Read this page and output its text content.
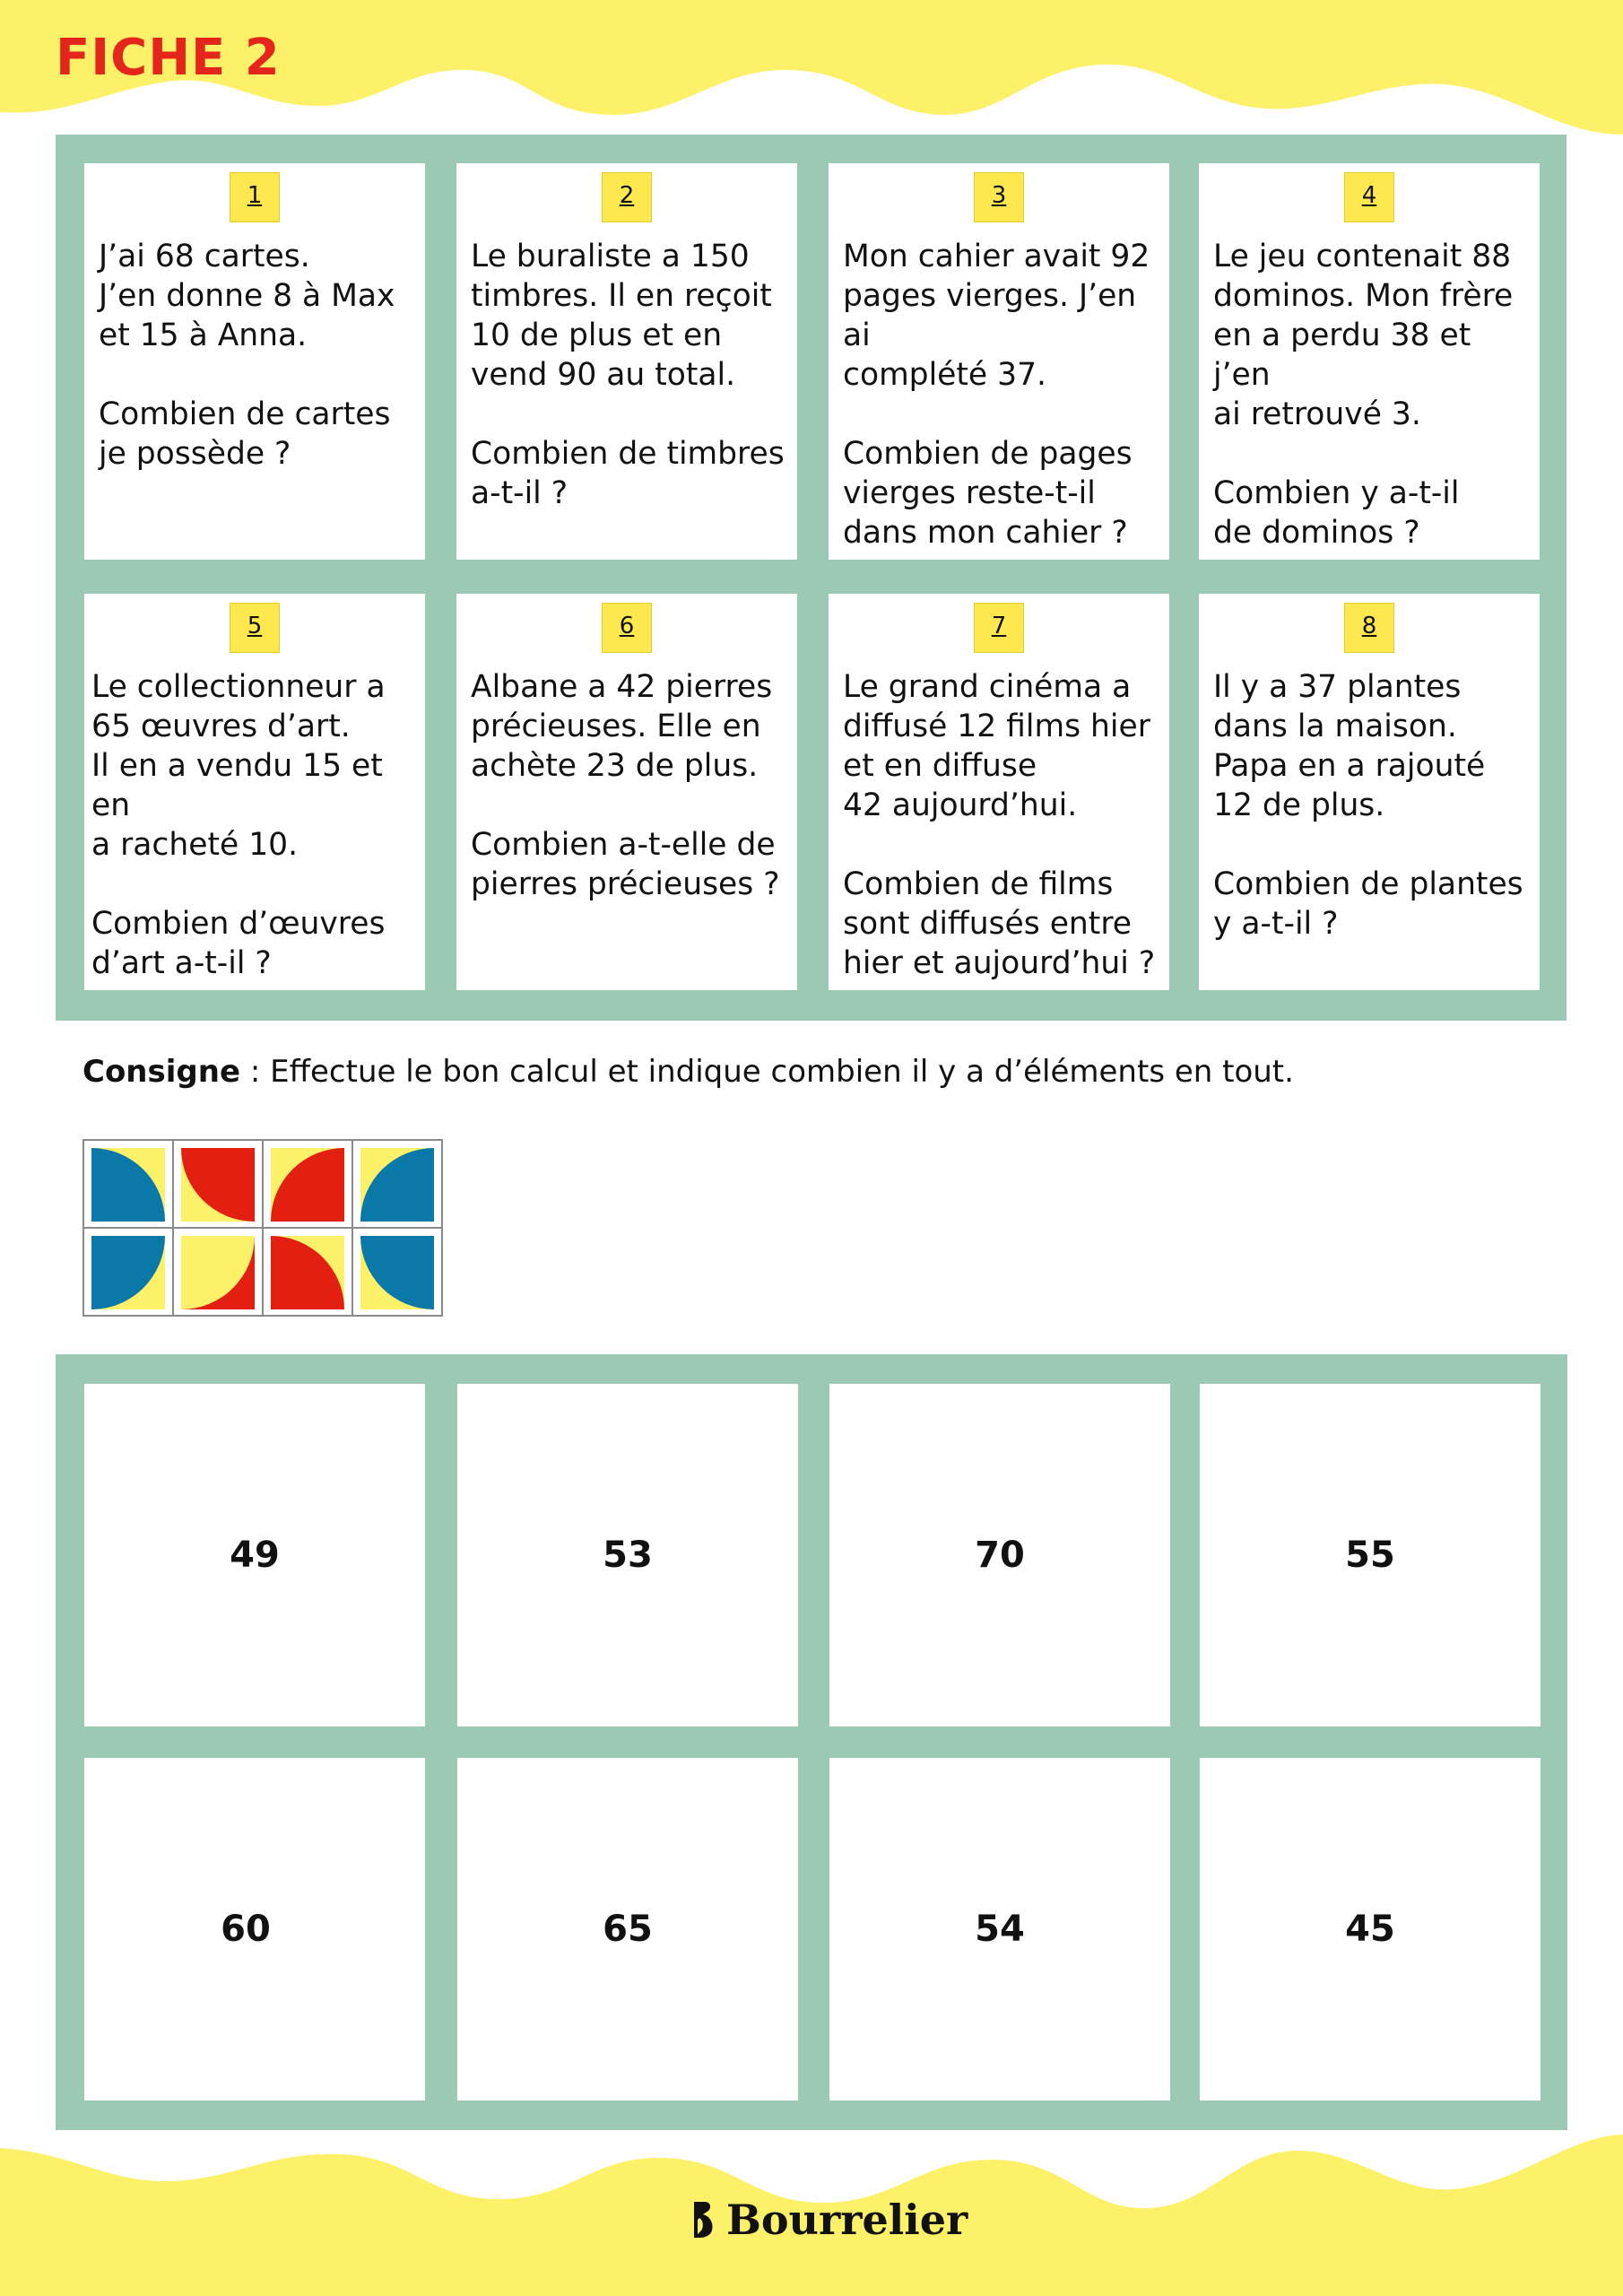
FICHE 2
1
J’ai 68 cartes.
J’en donne 8 à Max
et 15 à Anna.

Combien de cartes
je possède ?
2
Le buraliste a 150
timbres. Il en reçoit
10 de plus et en
vend 90 au total.

Combien de timbres
a-t-il ?
3
Mon cahier avait 92
pages vierges. J’en ai
complété 37.

Combien de pages
vierges reste-t-il
dans mon cahier ?
4
Le jeu contenait 88
dominos. Mon frère
en a perdu 38 et j’en
ai retrouvé 3.

Combien y a-t-il
de dominos ?
5
Le collectionneur a
65 œuvres d’art.
Il en a vendu 15 et en
a racheté 10.

Combien d’œuvres
d’art a-t-il ?
6
Albane a 42 pierres
précieuses. Elle en
achète 23 de plus.

Combien a-t-elle de
pierres précieuses ?
7
Le grand cinéma a
diffusé 12 films hier
et en diffuse
42 aujourd’hui.

Combien de films
sont diffusés entre
hier et aujourd’hui ?
8
Il y a 37 plantes
dans la maison.
Papa en a rajouté
12 de plus.

Combien de plantes
y a-t-il ?
Consigne : Effectue le bon calcul et indique combien il y a d’éléments en tout.
49	53	70	55
60	65	54	45
Bourrelier
